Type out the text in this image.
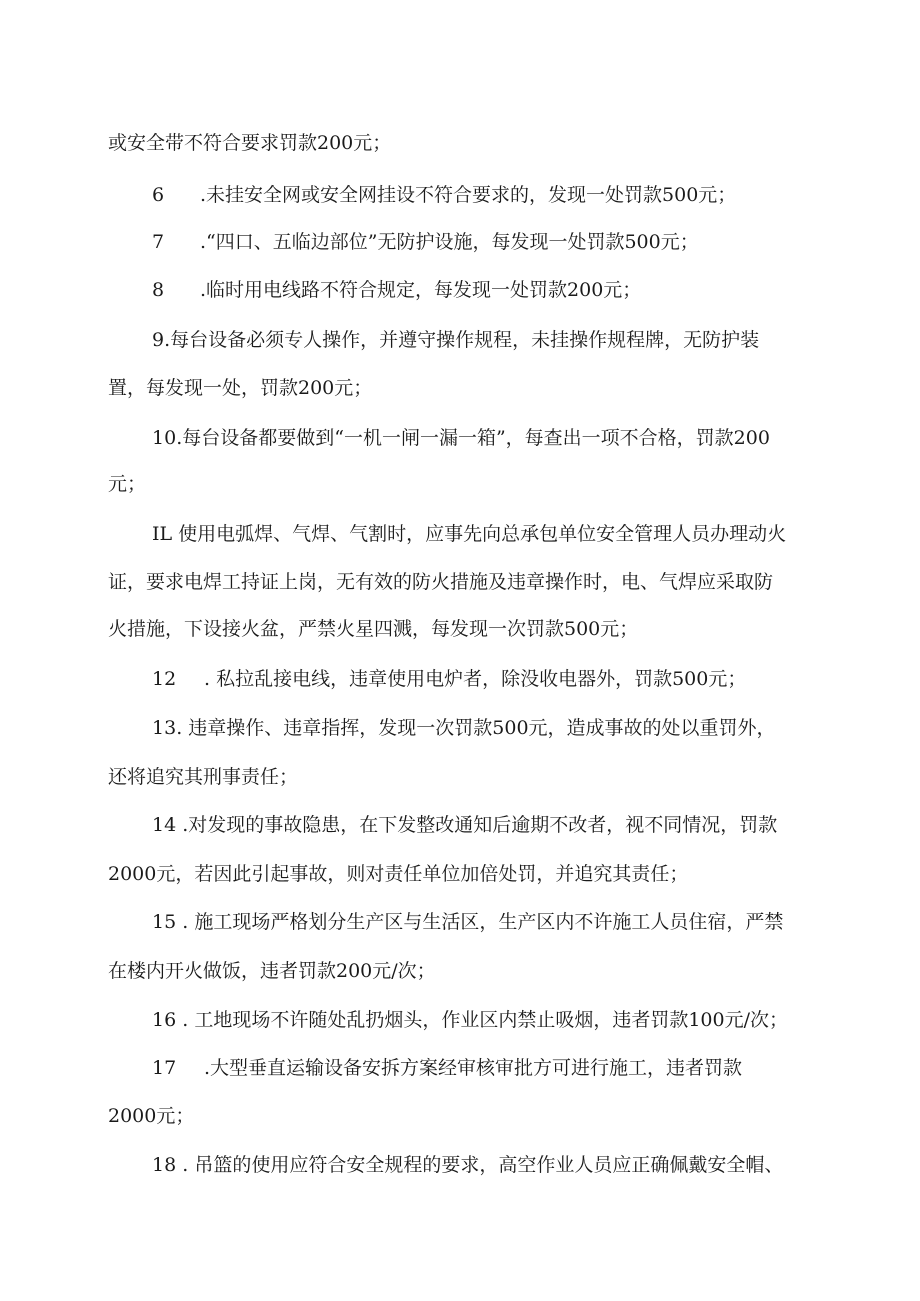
或安全带不符合要求罚款200元；
6 .未挂安全网或安全网挂设不符合要求的，发现一处罚款500元；
7 .“四口、五临边部位”无防护设施，每发现一处罚款500元；
8 .临时用电线路不符合规定，每发现一处罚款200元；
9.每台设备必须专人操作，并遵守操作规程，未挂操作规程牌，无防护装
置，每发现一处，罚款200元；
10.每台设备都要做到“一机一闸一漏一箱”，每查出一项不合格，罚款200
元；
IL 使用电弧焊、气焊、气割时，应事先向总承包单位安全管理人员办理动火
证，要求电焊工持证上岗，无有效的防火措施及违章操作时，电、气焊应采取防
火措施，下设接火盆，严禁火星四溅，每发现一次罚款500元；
12 . 私拉乱接电线，违章使用电炉者，除没收电器外，罚款500元；
13. 违章操作、违章指挥，发现一次罚款500元，造成事故的处以重罚外，
还将追究其刑事责任；
14 .对发现的事故隐患，在下发整改通知后逾期不改者，视不同情况，罚款
2000元，若因此引起事故，则对责任单位加倍处罚，并追究其责任；
15 . 施工现场严格划分生产区与生活区，生产区内不许施工人员住宿，严禁
在楼内开火做饭，违者罚款200元/次；
16 . 工地现场不许随处乱扔烟头，作业区内禁止吸烟，违者罚款100元/次；
17 .大型垂直运输设备安拆方案经审核审批方可进行施工，违者罚款
2000元；
18 . 吊篮的使用应符合安全规程的要求，高空作业人员应正确佩戴安全帽、
